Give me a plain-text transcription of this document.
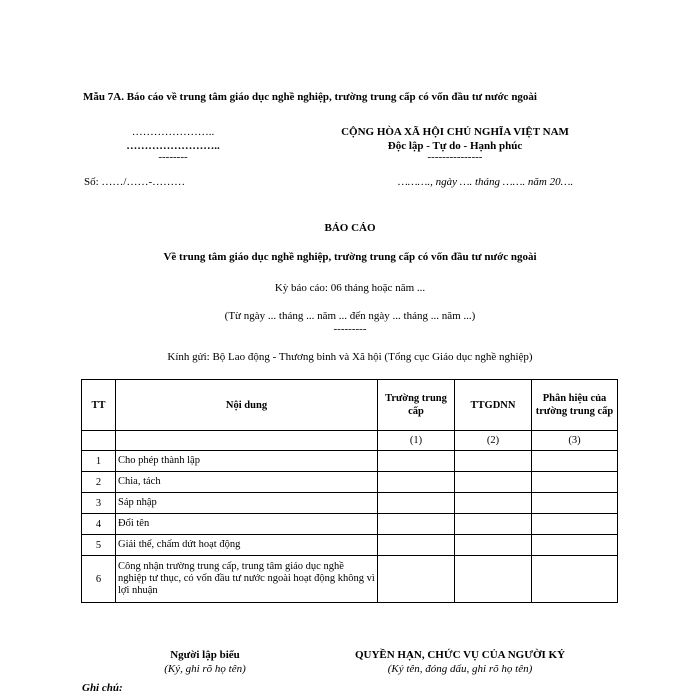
Mẫu 7A. Báo cáo về trung tâm giáo dục nghề nghiệp, trường trung cấp có vốn đầu tư nước ngoài
…………………..
……………………..
--------
CỘNG HÒA XÃ HỘI CHỦ NGHĨA VIỆT NAM
Độc lập - Tự do - Hạnh phúc
---------------
Số: ……/……-………	………., ngày …. tháng ……. năm 20….
BÁO CÁO
Về trung tâm giáo dục nghề nghiệp, trường trung cấp có vốn đầu tư nước ngoài
Kỳ báo cáo: 06 tháng hoặc năm ...
(Từ ngày ... tháng ... năm ... đến ngày ... tháng ... năm ...)
---------
Kính gửi: Bộ Lao động - Thương binh và Xã hội (Tổng cục Giáo dục nghề nghiệp)
TT	Nội dung	Trường trung cấp	TTGDNN	Phân hiệu của trường trung cấp
		(1)	(2)	(3)
1	Cho phép thành lập			
2	Chia, tách			
3	Sáp nhập			
4	Đổi tên			
5	Giải thể, chấm dứt hoạt động			
6	Công nhận trường trung cấp, trung tâm giáo dục nghề nghiệp tư thục, có vốn đầu tư nước ngoài hoạt động không vì lợi nhuận			
Người lập biểu
(Ký, ghi rõ họ tên)
QUYỀN HẠN, CHỨC VỤ CỦA NGƯỜI KÝ
(Ký tên, đóng dấu, ghi rõ họ tên)
Ghi chú:
